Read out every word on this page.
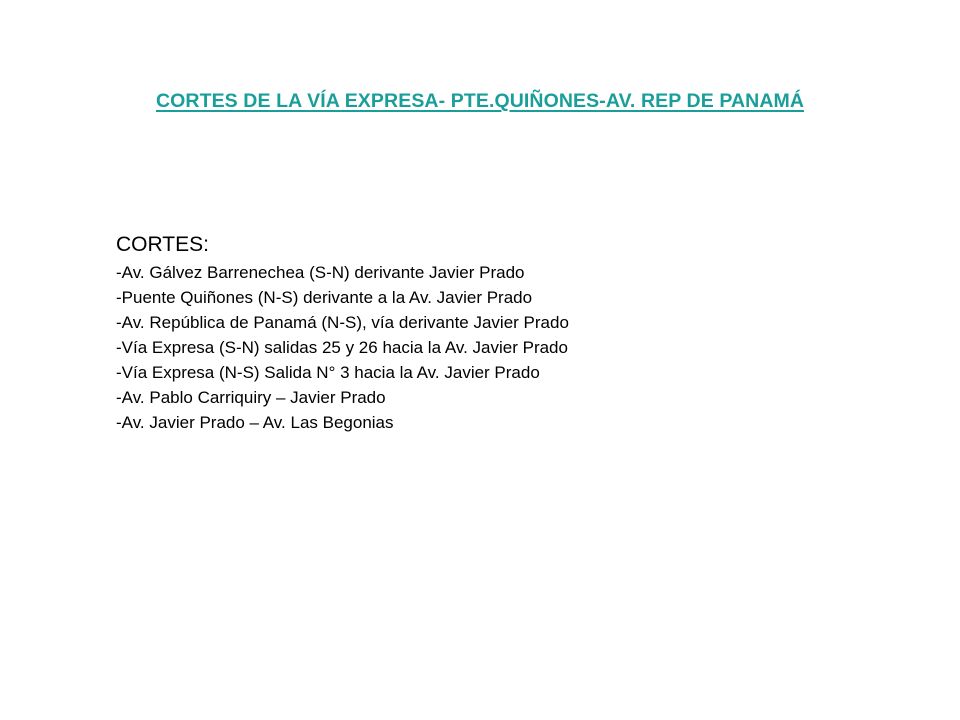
CORTES DE LA VÍA EXPRESA- PTE.QUIÑONES-AV. REP DE PANAMÁ

CORTES:

-Av. Gálvez Barrenechea (S-N) derivante Javier Prado
-Puente Quiñones (N-S) derivante a la Av. Javier Prado
-Av. República de Panamá (N-S), vía derivante Javier Prado
-Vía Expresa (S-N) salidas 25 y 26 hacia la Av. Javier Prado
-Vía Expresa (N-S) Salida N° 3 hacia la Av. Javier Prado
-Av. Pablo Carriquiry – Javier Prado
-Av. Javier Prado – Av. Las Begonias
